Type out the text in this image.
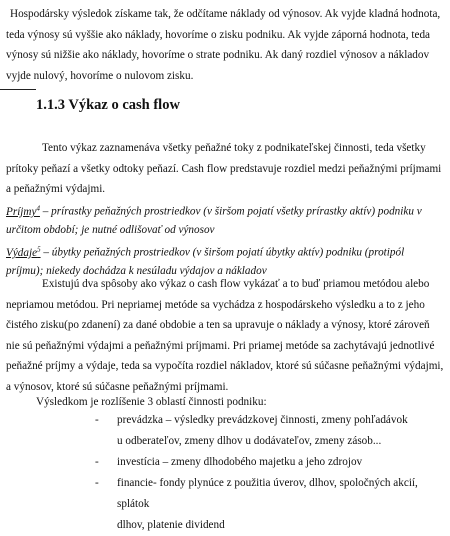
Hospodársky výsledok získame tak, že odčítame náklady od výnosov. Ak vyjde kladná hodnota, teda výnosy sú vyššie ako náklady, hovoríme o zisku podniku. Ak vyjde záporná hodnota, teda výnosy sú nižšie ako náklady, hovoríme o strate podniku. Ak daný rozdiel výnosov a nákladov vyjde nulový, hovoríme o nulovom zisku.

1.1.3 Výkaz o cash flow

Tento výkaz zaznamenáva všetky peňažné toky z podnikateľskej činnosti, teda všetky prítoky peňazí a všetky odtoky peňazí. Cash flow predstavuje rozdiel medzi peňažnými príjmami a peňažnými výdajmi.

Príjmy$^4$ – prírastky peňažných prostriedkov (v širšom pojatí všetky prírastky aktív) podniku v určitom období; je nutné odlišovať od výnosov
Výdaje$^5$ – úbytky peňažných prostriedkov (v širšom pojatí úbytky aktív) podniku (protipól príjmu); niekedy dochádza k nesúladu výdajov a nákladov

Existujú dva spôsoby ako výkaz o cash flow vykázať a to buď priamou metódou alebo nepriamou metódou. Pri nepriamej metóde sa vychádza z hospodárskeho výsledku a to z jeho čistého zisku(po zdanení) za dané obdobie a ten sa upravuje o náklady a výnosy, ktoré zároveň nie sú peňažnými výdajmi a peňažnými príjmami. Pri priamej metóde sa zachytávajú jednotlivé peňažné príjmy a výdaje, teda sa vypočíta rozdiel nákladov, ktoré sú súčasne peňažnými výdajmi, a výnosov, ktoré sú súčasne peňažnými príjmami.

Výsledkom je rozlíšenie 3 oblastí činnosti podniku:

- prevádzka – výsledky prevádzkovej činnosti, zmeny pohľadávok
u odberateľov, zmeny dlhov u dodávateľov, zmeny zásob...
- investícia – zmeny dlhodobého majetku a jeho zdrojov
- financie- fondy plynúce z použitia úverov, dlhov, spoločných akcií, splátok
dlhov, platenie dividend
